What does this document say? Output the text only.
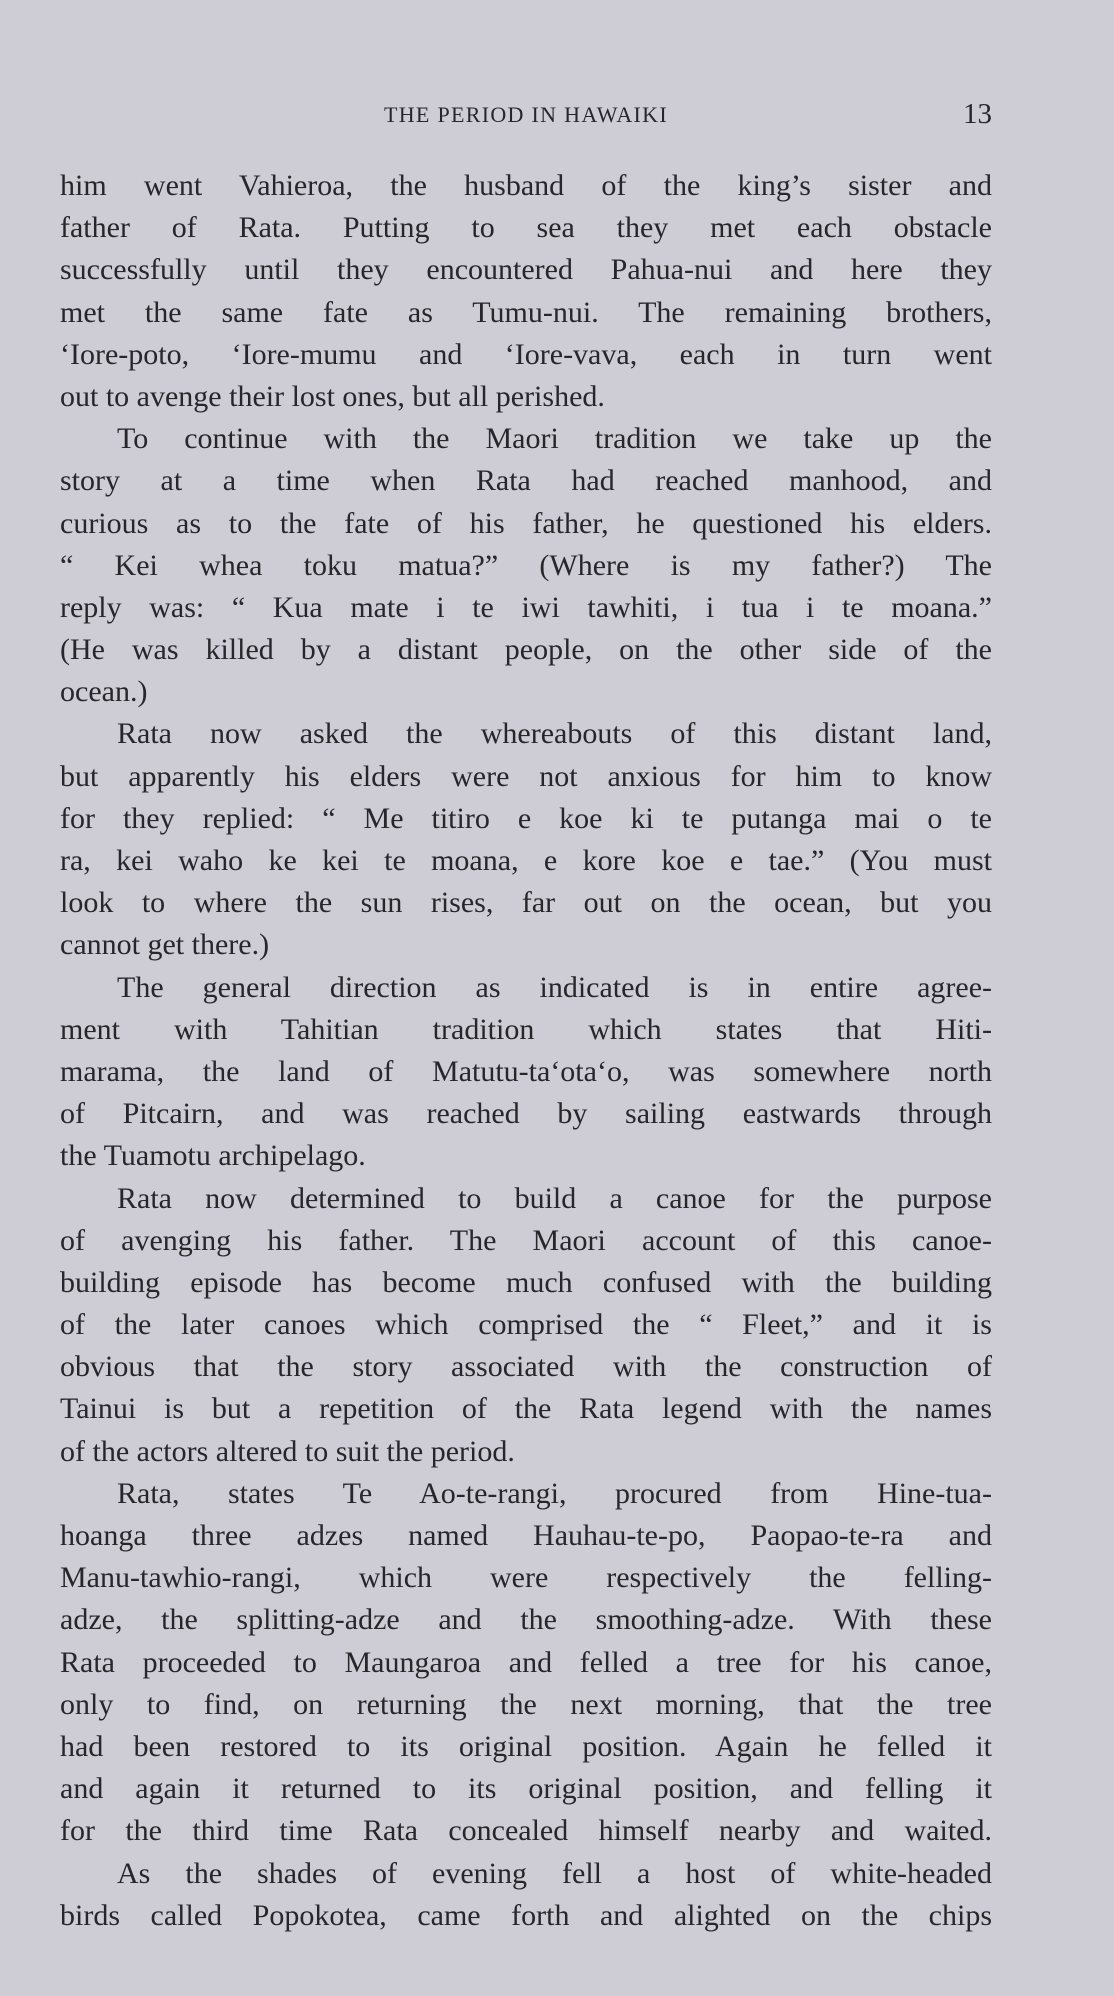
THE PERIOD IN HAWAIKI	13
him went Vahieroa, the husband of the king’s sister and
father of Rata. Putting to sea they met each obstacle
successfully until they encountered Pahua-nui and here they
met the same fate as Tumu-nui. The remaining brothers,
‘Iore-poto, ‘Iore-mumu and ‘Iore-vava, each in turn went
out to avenge their lost ones, but all perished.
To continue with the Maori tradition we take up the
story at a time when Rata had reached manhood, and
curious as to the fate of his father, he questioned his elders.
“ Kei whea toku matua?” (Where is my father?) The
reply was: “ Kua mate i te iwi tawhiti, i tua i te moana.”
(He was killed by a distant people, on the other side of the
ocean.)
Rata now asked the whereabouts of this distant land,
but apparently his elders were not anxious for him to know
for they replied: “ Me titiro e koe ki te putanga mai o te
ra, kei waho ke kei te moana, e kore koe e tae.” (You must
look to where the sun rises, far out on the ocean, but you
cannot get there.)
The general direction as indicated is in entire agree-
ment with Tahitian tradition which states that Hiti-
marama, the land of Matutu-ta‘ota‘o, was somewhere north
of Pitcairn, and was reached by sailing eastwards through
the Tuamotu archipelago.
Rata now determined to build a canoe for the purpose
of avenging his father. The Maori account of this canoe-
building episode has become much confused with the building
of the later canoes which comprised the “ Fleet,” and it is
obvious that the story associated with the construction of
Tainui is but a repetition of the Rata legend with the names
of the actors altered to suit the period.
Rata, states Te Ao-te-rangi, procured from Hine-tua-
hoanga three adzes named Hauhau-te-po, Paopao-te-ra and
Manu-tawhio-rangi, which were respectively the felling-
adze, the splitting-adze and the smoothing-adze. With these
Rata proceeded to Maungaroa and felled a tree for his canoe,
only to find, on returning the next morning, that the tree
had been restored to its original position. Again he felled it
and again it returned to its original position, and felling it
for the third time Rata concealed himself nearby and waited.
As the shades of evening fell a host of white-headed
birds called Popokotea, came forth and alighted on the chips
